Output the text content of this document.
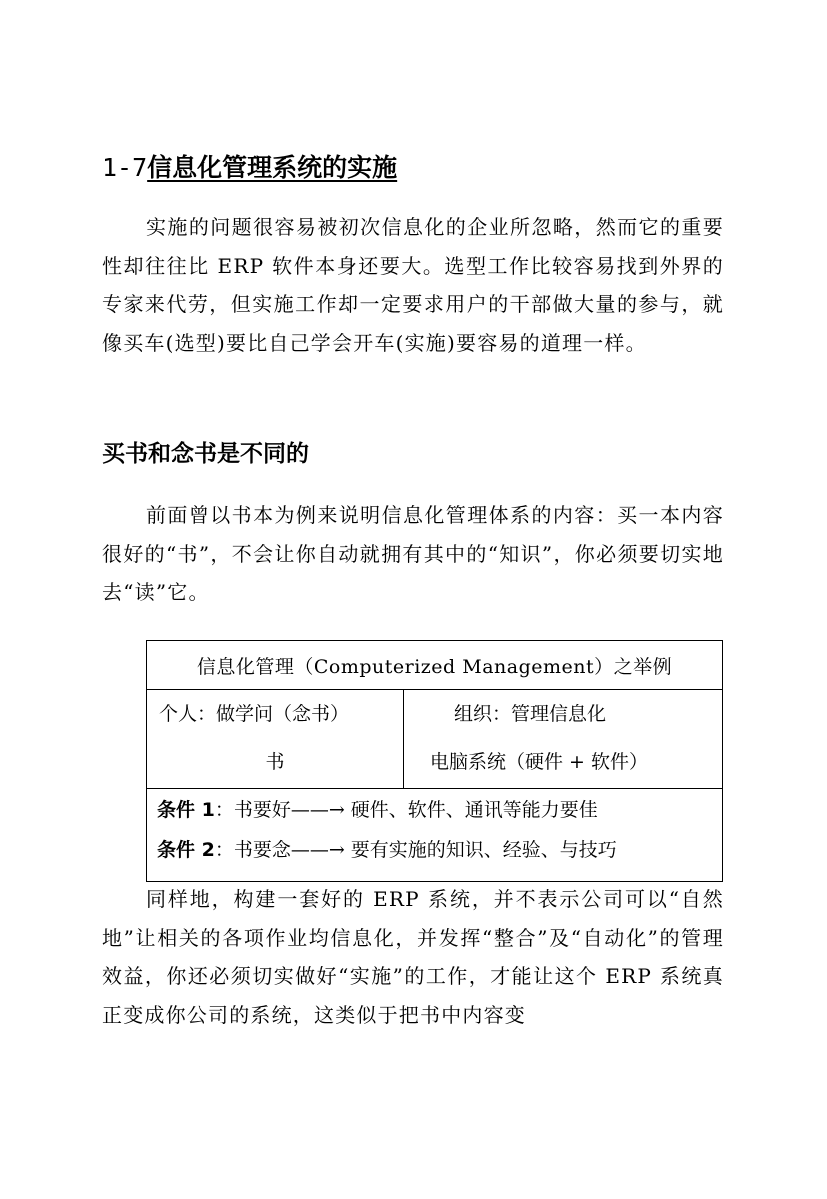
1-7信息化管理系统的实施

实施的问题很容易被初次信息化的企业所忽略，然而它的重要性却往往比 ERP 软件本身还要大。选型工作比较容易找到外界的专家来代劳，但实施工作却一定要求用户的干部做大量的参与，就像买车(选型)要比自己学会开车(实施)要容易的道理一样。

买书和念书是不同的

前面曾以书本为例来说明信息化管理体系的内容：买一本内容很好的“书”，不会让你自动就拥有其中的“知识”，你必须要切实地去“读”它。

信息化管理（Computerized Management）之举例

个人：做学问（念书）
书

组织：管理信息化
电脑系统（硬件 + 软件）

条件 1：书要好——→ 硬件、软件、通讯等能力要佳
条件 2：书要念——→ 要有实施的知识、经验、与技巧

同样地，构建一套好的 ERP 系统，并不表示公司可以“自然地”让相关的各项作业均信息化，并发挥“整合”及“自动化”的管理效益，你还必须切实做好“实施”的工作，才能让这个 ERP 系统真正变成你公司的系统，这类似于把书中内容变
